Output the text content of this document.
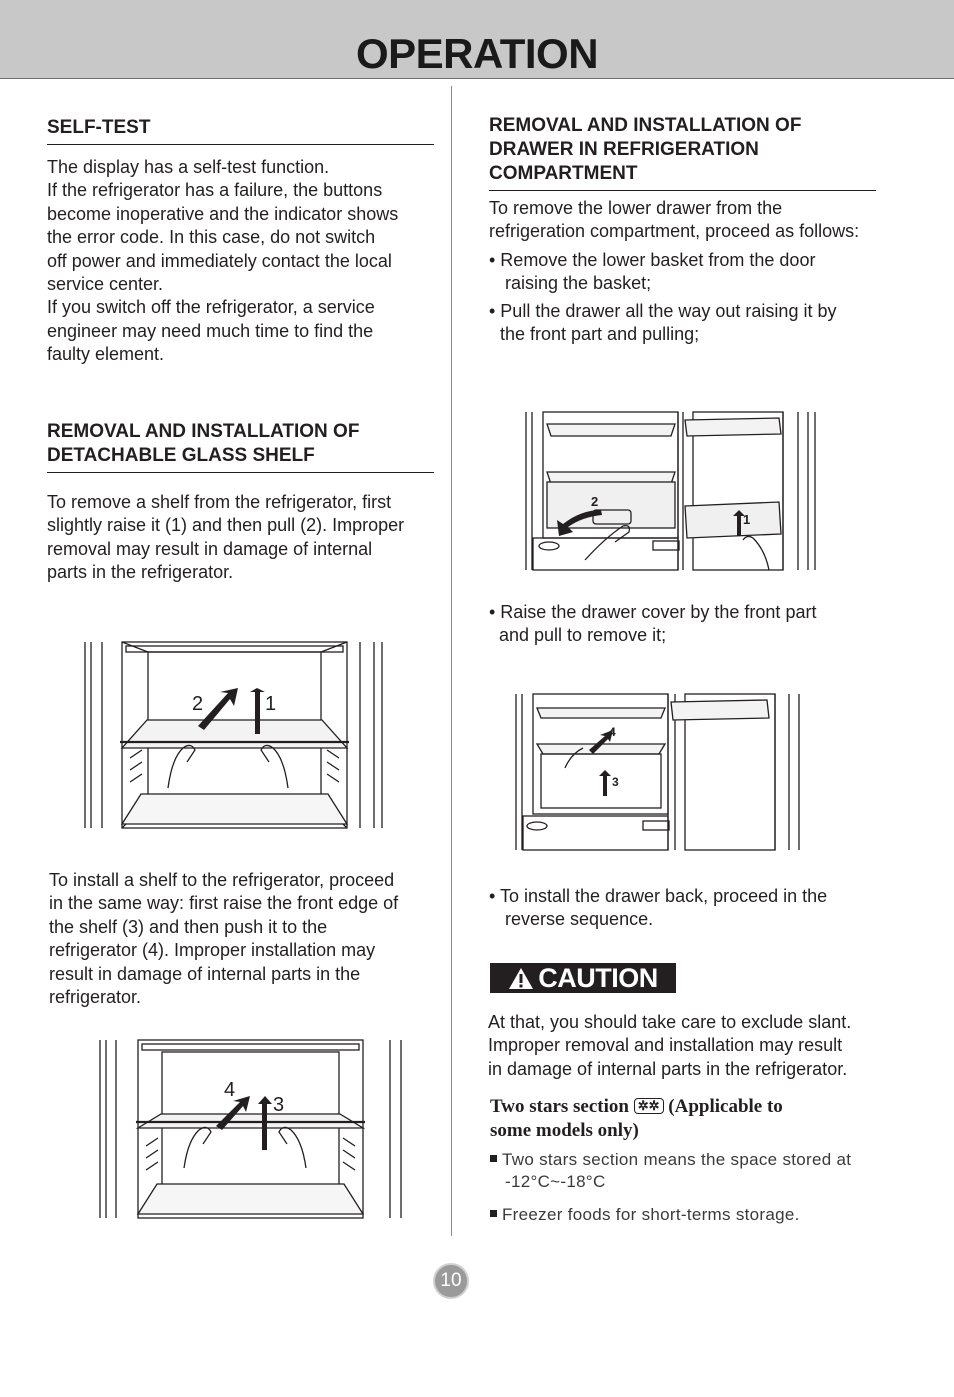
OPERATION
SELF-TEST

The display has a self-test function.
If the refrigerator has a failure, the buttons
become inoperative and the indicator shows
the error code. In this case, do not switch
off power and immediately contact the local
service center.
If you switch off the refrigerator, a service
engineer may need much time to find the
faulty element.

REMOVAL AND INSTALLATION OF
DETACHABLE GLASS SHELF

To remove a shelf from the refrigerator, first
slightly raise it (1) and then pull (2). Improper
removal may result in damage of internal
parts in the refrigerator.

2	1

To install a shelf to the refrigerator, proceed
in the same way: first raise the front edge of
the shelf (3) and then push it to the
refrigerator (4). Improper installation may
result in damage of internal parts in the
refrigerator.

4
3
REMOVAL AND INSTALLATION OF
DRAWER IN REFRIGERATION
COMPARTMENT

To remove the lower drawer from the
refrigeration compartment, proceed as follows:

• Remove the lower basket from the door
raising the basket;
• Pull the drawer all the way out raising it by
the front part and pulling;
2
1
• Raise the drawer cover by the front part
and pull to remove it;
4
3
• To install the drawer back, proceed in the
reverse sequence.
CAUTION

At that, you should take care to exclude slant.
Improper removal and installation may result
in damage of internal parts in the refrigerator.

Two stars section ✲✲ (Applicable to
some models only)

Two stars section means the space stored at
-12°C~-18°C
Freezer foods for short-terms storage.
10
